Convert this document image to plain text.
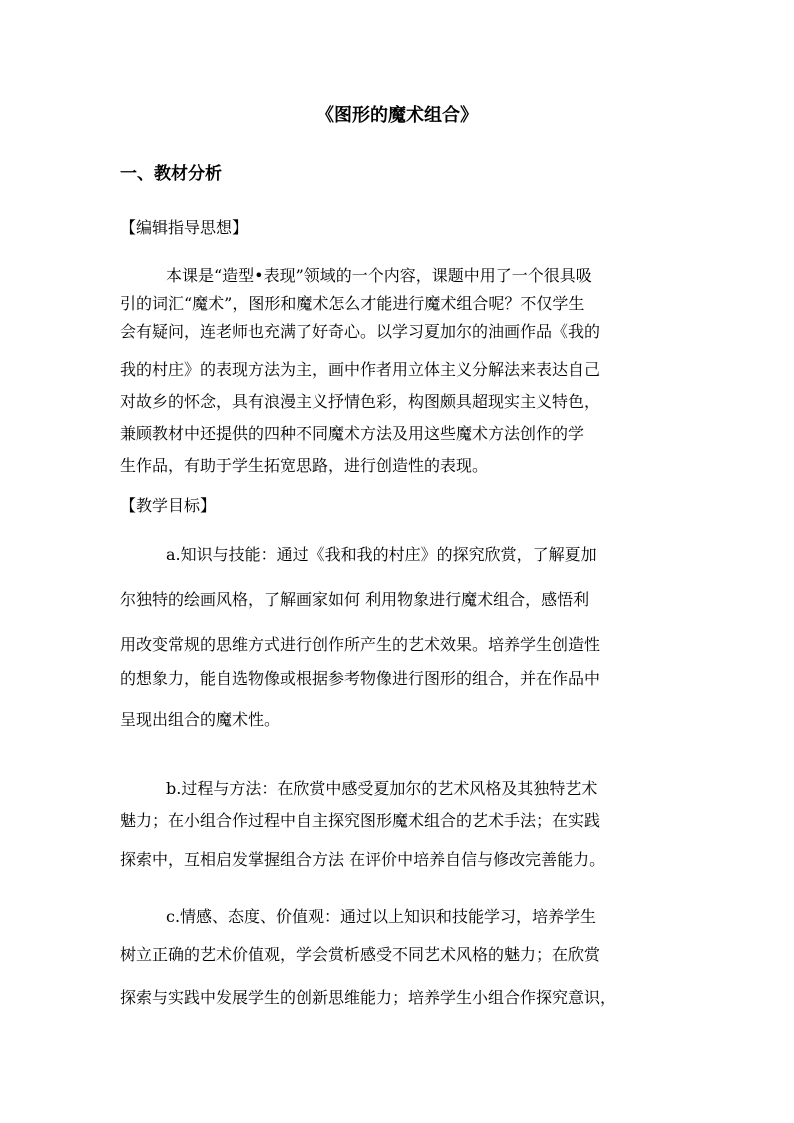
《图形的魔术组合》
一、教材分析

【编辑指导思想】

本课是“造型•表现”领域的一个内容，课题中用了一个很具吸

引的词汇“魔术”，图形和魔术怎么才能进行魔术组合呢？不仅学生

会有疑问，连老师也充满了好奇心。以学习夏加尔的油画作品《我的

我的村庄》的表现方法为主，画中作者用立体主义分解法来表达自己

对故乡的怀念，具有浪漫主义抒情色彩，构图颇具超现实主义特色，

兼顾教材中还提供的四种不同魔术方法及用这些魔术方法创作的学

生作品，有助于学生拓宽思路，进行创造性的表现。

【教学目标】

a.知识与技能：通过《我和我的村庄》的探究欣赏，了解夏加

尔独特的绘画风格，了解画家如何 利用物象进行魔术组合，感悟利

用改变常规的思维方式进行创作所产生的艺术效果。培养学生创造性

的想象力，能自选物像或根据参考物像进行图形的组合，并在作品中

呈现出组合的魔术性。

b.过程与方法：在欣赏中感受夏加尔的艺术风格及其独特艺术

魅力；在小组合作过程中自主探究图形魔术组合的艺术手法；在实践

探索中，互相启发掌握组合方法 在评价中培养自信与修改完善能力。

c.情感、态度、价值观：通过以上知识和技能学习，培养学生

树立正确的艺术价值观，学会赏析感受不同艺术风格的魅力；在欣赏

探索与实践中发展学生的创新思维能力；培养学生小组合作探究意识，
